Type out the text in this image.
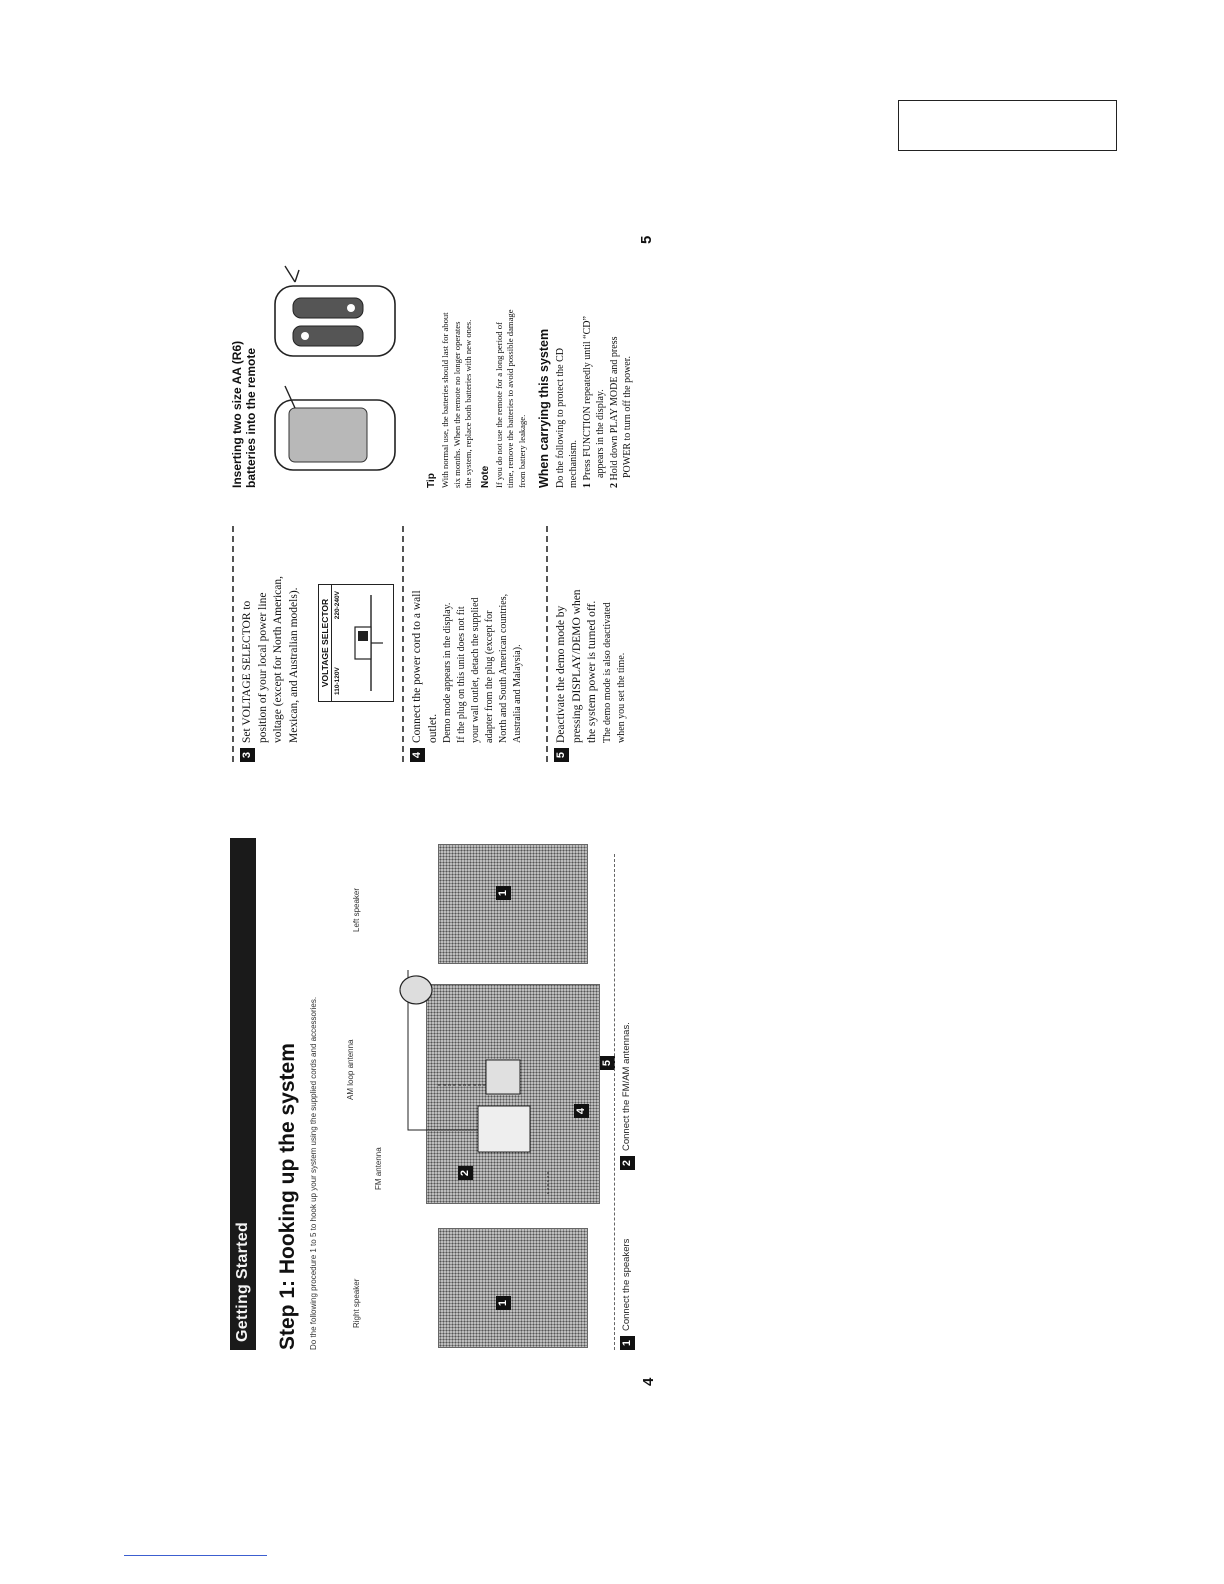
4
5
Getting Started Step 1: Hooking up the system Do the following procedure 1 to 5 to hook up your system using the supplied cords and accessories.	Right speaker
FM antenna
AM loop antenna
Left speaker
1
1
5
4
2
1Connect the speakers
2Connect the FM/AM antennas.
3Set VOLTAGE SELECTOR to position of your local power line voltage (except for North American, Mexican, and Australian models). VOLTAGE SELECTOR 110-120V
220-240V
4Connect the power cord to a wall outlet. Demo mode appears in the display. If the plug on this unit does not fit your wall outlet, detach the supplied adapter from the plug (except for North and South American countries, Australia and Malaysia).
5Deactivate the demo mode by pressing DISPLAY/DEMO when the system power is turned off. The demo mode is also deactivated when you set the time.
Inserting two size AA (R6)
batteries into the remote	Tip With normal use, the batteries should last for about six months. When the remote no longer operates the system, replace both batteries with new ones. Note If you do not use the remote for a long period of time, remove the batteries to avoid possible damage from battery leakage. When carrying this system Do the following to protect the CD mechanism. 1 Press FUNCTION repeatedly until “CD” appears in the display.
2 Hold down PLAY MODE and press POWER to turn off the power.
